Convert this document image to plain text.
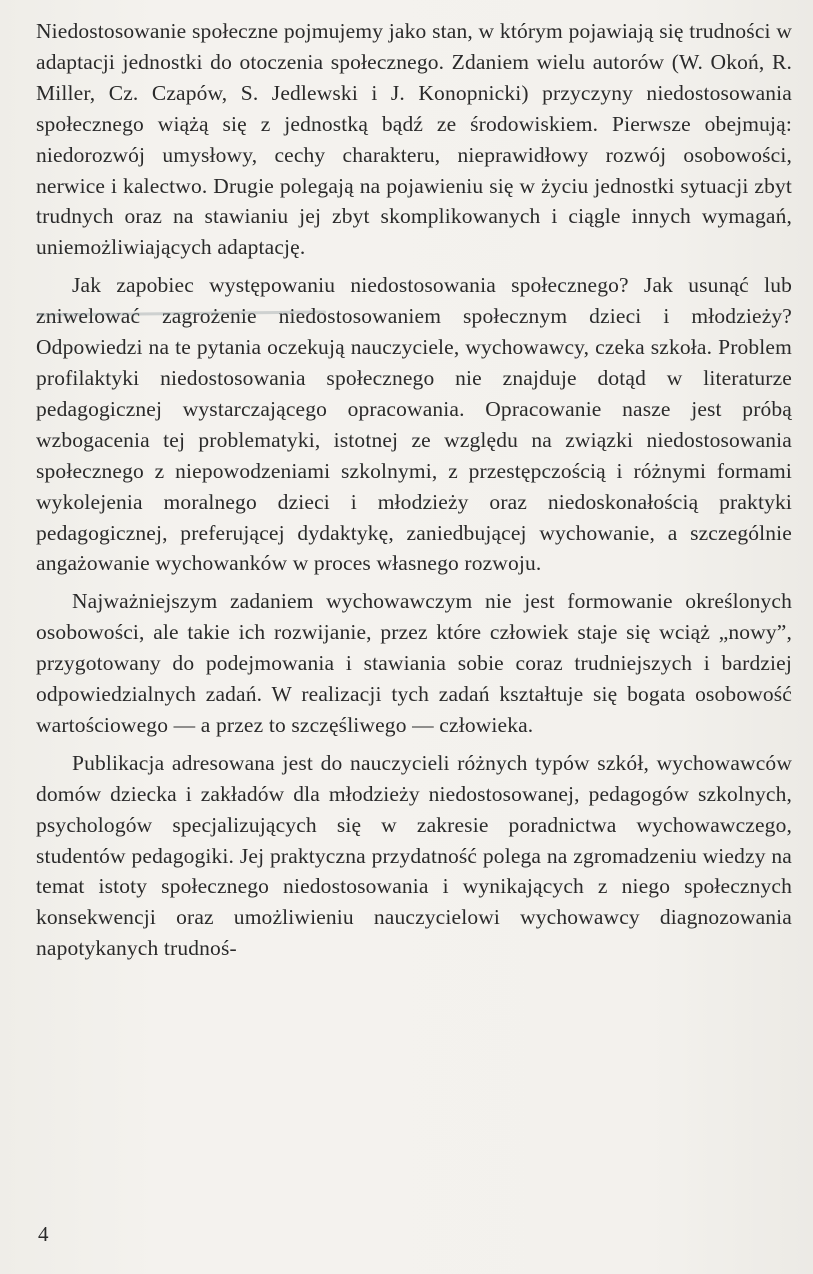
Niedostosowanie społeczne pojmujemy jako stan, w którym pojawiają się trudności w adaptacji jednostki do otoczenia społecznego. Zdaniem wielu autorów (W. Okoń, R. Miller, Cz. Czapów, S. Jedlewski i J. Konopnicki) przyczyny niedostosowania społecznego wiążą się z jednostką bądź ze środowiskiem. Pierwsze obejmują: niedorozwój umysłowy, cechy charakteru, nieprawidłowy rozwój osobowości, nerwice i kalectwo. Drugie polegają na pojawieniu się w życiu jednostki sytuacji zbyt trudnych oraz na stawianiu jej zbyt skomplikowanych i ciągle innych wymagań, uniemożliwiających adaptację.

Jak zapobiec występowaniu niedostosowania społecznego? Jak usunąć lub zniwelować zagrożenie niedostosowaniem społecznym dzieci i młodzieży? Odpowiedzi na te pytania oczekują nauczyciele, wychowawcy, czeka szkoła. Problem profilaktyki niedostosowania społecznego nie znajduje dotąd w literaturze pedagogicznej wystarczającego opracowania. Opracowanie nasze jest próbą wzbogacenia tej problematyki, istotnej ze względu na związki niedostosowania społecznego z niepowodzeniami szkolnymi, z przestępczością i różnymi formami wykolejenia moralnego dzieci i młodzieży oraz niedoskonałością praktyki pedagogicznej, preferującej dydaktykę, zaniedbującej wychowanie, a szczególnie angażowanie wychowanków w proces własnego rozwoju.

Najważniejszym zadaniem wychowawczym nie jest formowanie określonych osobowości, ale takie ich rozwijanie, przez które człowiek staje się wciąż „nowy”, przygotowany do podejmowania i stawiania sobie coraz trudniejszych i bardziej odpowiedzialnych zadań. W realizacji tych zadań kształtuje się bogata osobowość wartościowego — a przez to szczęśliwego — człowieka.

Publikacja adresowana jest do nauczycieli różnych typów szkół, wychowawców domów dziecka i zakładów dla młodzieży niedostosowanej, pedagogów szkolnych, psychologów specjalizujących się w zakresie poradnictwa wychowawczego, studentów pedagogiki. Jej praktyczna przydatność polega na zgromadzeniu wiedzy na temat istoty społecznego niedostosowania i wynikających z niego społecznych konsekwencji oraz umożliwieniu nauczycielowi wychowawcy diagnozowania napotykanych trudnoś-

4
